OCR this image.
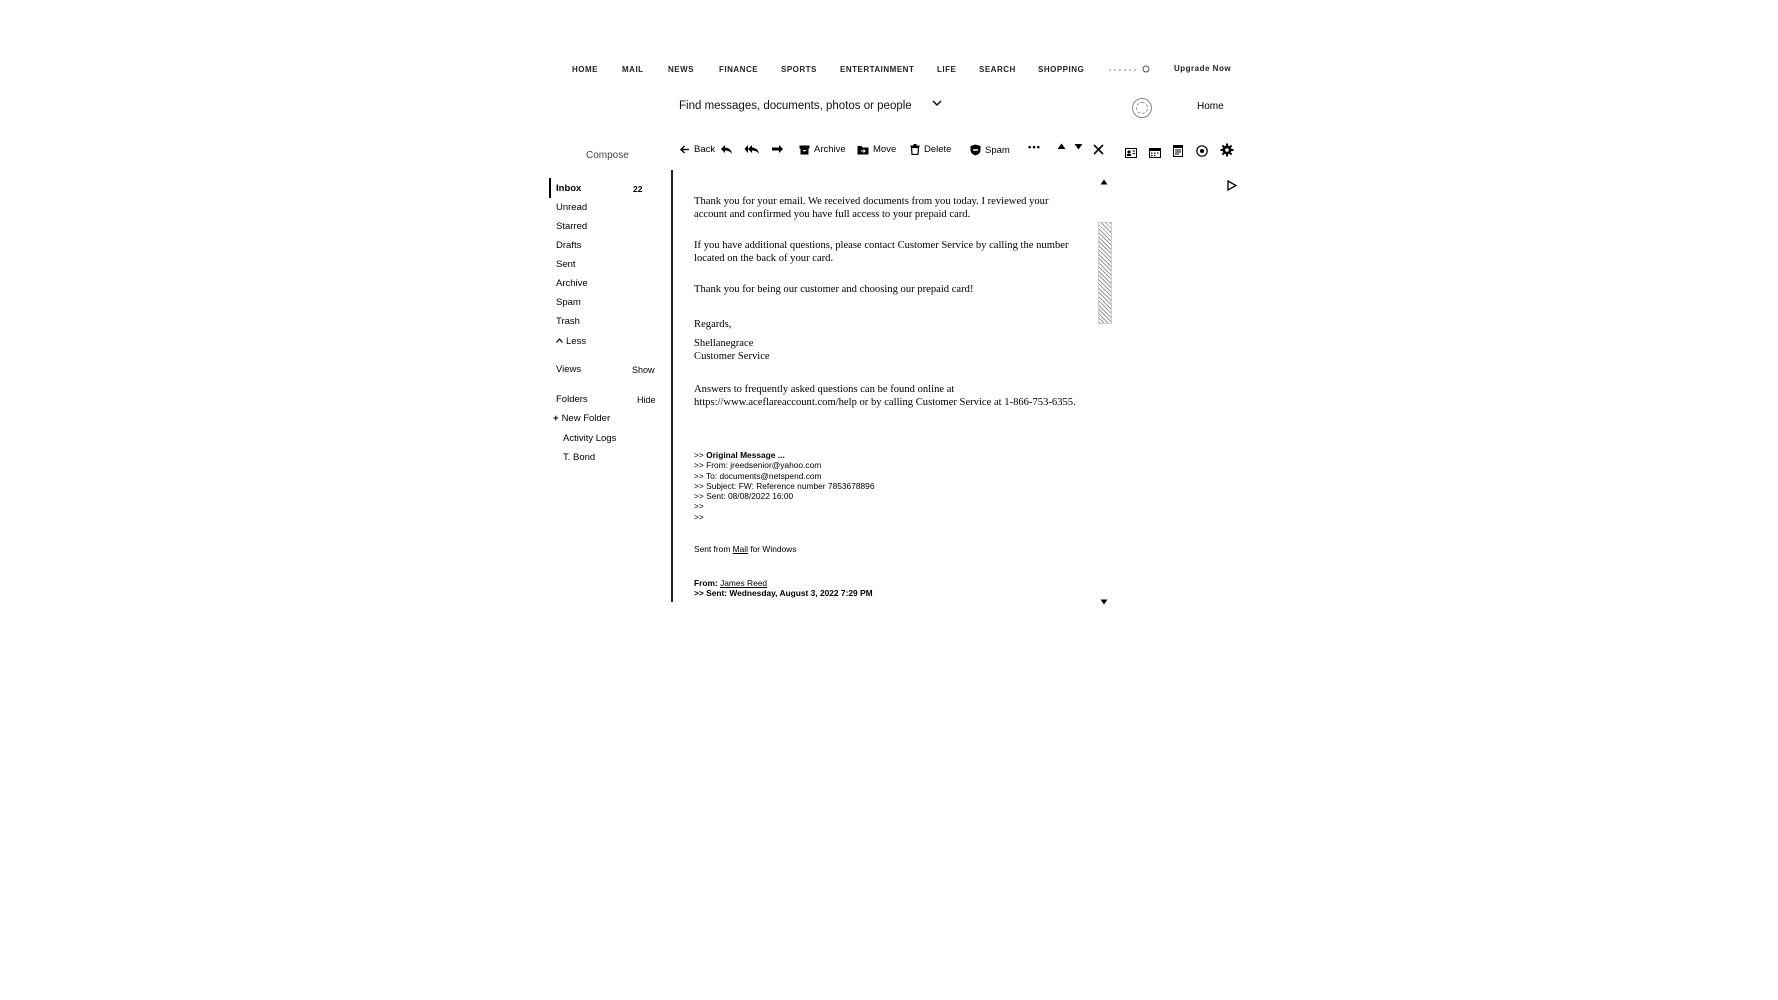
HOME	MAIL	NEWS	FINANCE	SPORTS	ENTERTAINMENT	LIFE	SEARCH	SHOPPING	Upgrade Now
Find messages, documents, photos or people	Home
Compose
Back	Archive	Move	Delete	Spam •••
Inbox	22
Unread
Starred
Drafts
Sent
Archive
Spam
Trash
Less
Views	Show
Folders	Hide
+ New Folder
Activity Logs
T. Bond
Thank you for your email. We received documents from you today. I reviewed your
account and confirmed you have full access to your prepaid card.
If you have additional questions, please contact Customer Service by calling the number
located on the back of your card.
Thank you for being our customer and choosing our prepaid card!
Regards,
Shellanegrace
Customer Service
Answers to frequently asked questions can be found online at
https://www.aceflareaccount.com/help or by calling Customer Service at 1-866-753-6355.
>> Original Message ...
>> From: jreedsenior@yahoo.com
>> To: documents@netspend.com
>> Subject: FW: Reference number 7853678896
>> Sent: 08/08/2022 16:00
>>
>>
Sent from Mail for Windows
From: James Reed
>> Sent: Wednesday, August 3, 2022 7:29 PM
